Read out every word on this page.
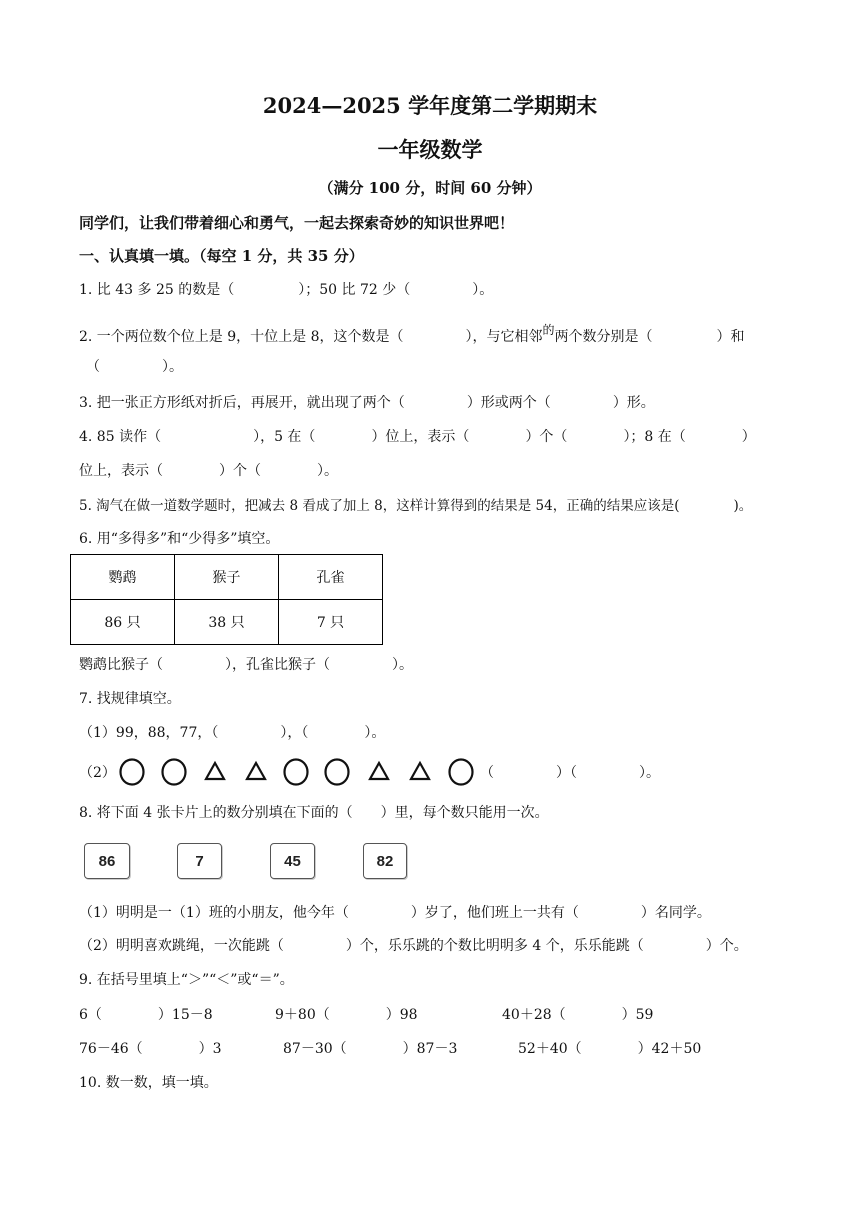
2024—2025 学年度第二学期期末
一年级数学
（满分 100 分，时间 60 分钟）
同学们，让我们带着细心和勇气，一起去探索奇妙的知识世界吧！
一、认真填一填。（每空 1 分，共 35 分）
1. 比 43 多 25 的数是（	）；50 比 72 少（	）。
2. 一个两位数个位上是 9，十位上是 8，这个数是（	），与它相邻的两个数分别是（	）和
（	）。
3. 把一张正方形纸对折后，再展开，就出现了两个（	）形或两个（	）形。
4. 85 读作（	），5 在（	）位上，表示（	）个（	）；8 在（	）
位上，表示（	）个（	）。
5. 淘气在做一道数学题时，把减去 8 看成了加上 8，这样计算得到的结果是 54，正确的结果应该是(	)。
6. 用“多得多”和“少得多”填空。
鹦鹉	猴子	孔雀
86 只	38 只	7 只
鹦鹉比猴子（	），孔雀比猴子（	）。
7. 找规律填空。
（1）99，88，77，（	），（	）。
（2）	（	）（	）。
8. 将下面 4 张卡片上的数分别填在下面的（　　）里，每个数只能用一次。
86	7	45	82
（1）明明是一（1）班的小朋友，他今年（	）岁了，他们班上一共有（	）名同学。
（2）明明喜欢跳绳，一次能跳（	）个，乐乐跳的个数比明明多 4 个，乐乐能跳（	）个。
9. 在括号里填上“＞”“＜”或“＝”。
6（	）15－8	9＋80（	）98	40＋28（	）59
76－46（	）3	87－30（	）87－3	52＋40（	）42＋50
10. 数一数，填一填。
